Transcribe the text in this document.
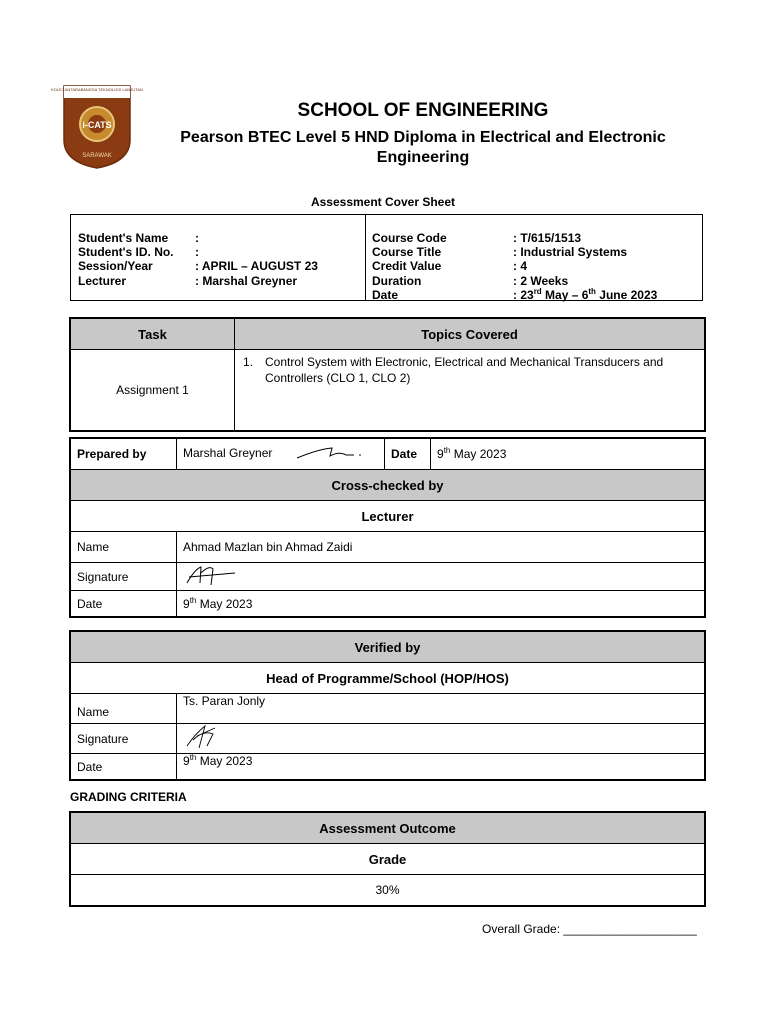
KOLEJ ANTARABANGSA TEKNOLOGI LANJUTAN
i-CATS
SARAWAK
SCHOOL OF ENGINEERING
Pearson BTEC Level 5 HND Diploma in Electrical and Electronic Engineering
Assessment Cover Sheet
Student's Name	:
Student's ID. No.	:
Session/Year	: APRIL – AUGUST 23
Lecturer	: Marshal Greyner
Course Code	: T/615/1513
Course Title	: Industrial Systems
Credit Value	: 4
Duration	: 2 Weeks
Date	: 23rd May – 6th June 2023
Task	Topics Covered
Assignment 1	1. Control System with Electronic, Electrical and Mechanical Transducers and Controllers (CLO 1, CLO 2)
Prepared by	Marshal Greyner	Date	9th May 2023
Cross-checked by			
Lecturer			
Name	Ahmad Mazlan bin Ahmad Zaidi		
Signature	
Date	9th May 2023		
Verified by	
Head of Programme/School (HOP/HOS)	
Name	Ts. Paran Jonly
Signature	
Date	9th May 2023
GRADING CRITERIA
Assessment Outcome
Grade
30%
Overall Grade: ____________________
